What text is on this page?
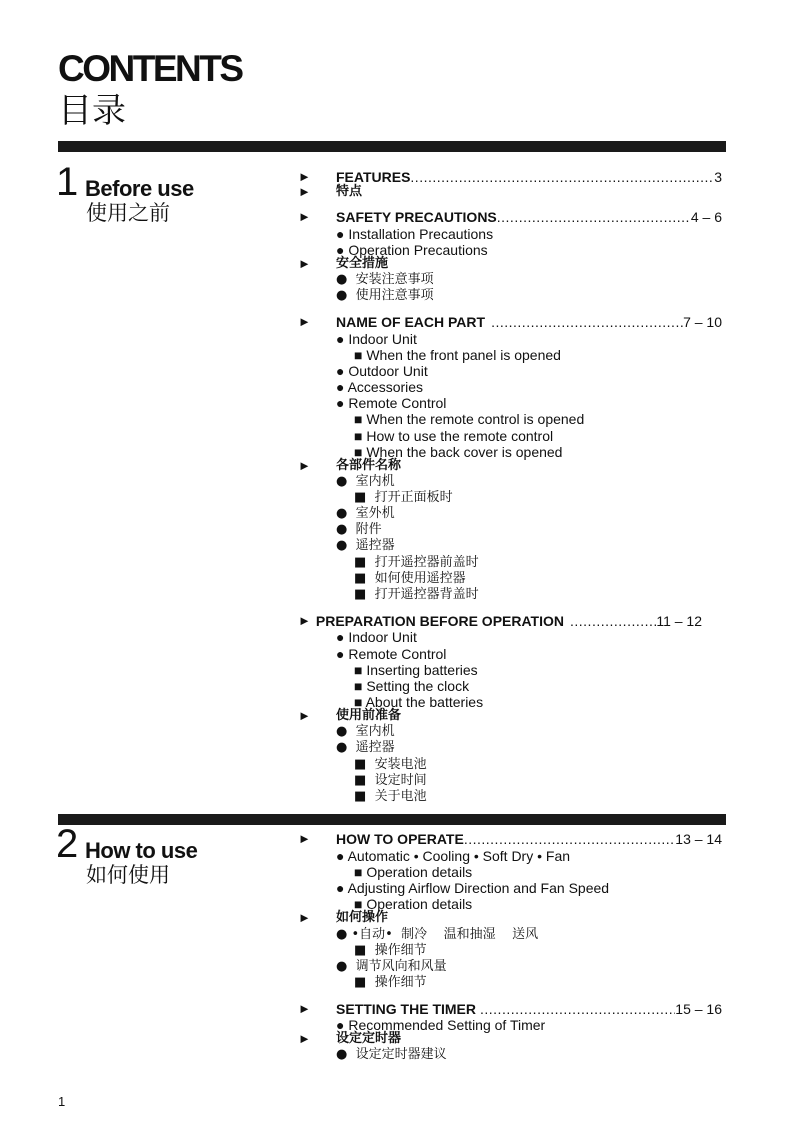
CONTENTS
目录
1 Before use
使用之前
► FEATURES .....	3
► 特点
► SAFETY PRECAUTIONS .....	4 – 6
● Installation Precautions
● Operation Precautions
► 安全措施
● 安装注意事项
● 使用注意事项
► NAME OF EACH PART .....	7 – 10
● Indoor Unit
■ When the front panel is opened
● Outdoor Unit
● Accessories
● Remote Control
■ When the remote control is opened
■ How to use the remote control
■ When the back cover is opened
► 各部件名称
● 室内机
■ 打开正面板时
● 室外机
● 附件
● 遥控器
■ 打开遥控器前盖时
■ 如何使用遥控器
■ 打开遥控器背盖时
► PREPARATION BEFORE OPERATION .....	11 – 12
● Indoor Unit
● Remote Control
■ Inserting batteries
■ Setting the clock
■ About the batteries
► 使用前准备
● 室内机
● 遥控器
■ 安装电池
■ 设定时间
■ 关于电池
2 How to use
如何使用
► HOW TO OPERATE .....	13 – 14
● Automatic • Cooling • Soft Dry • Fan
■ Operation details
● Adjusting Airflow Direction and Fan Speed
■ Operation details
► 如何操作
● •自动•  制冷    温和抽湿    送风
■ 操作细节
● 调节风向和风量
■ 操作细节
► SETTING THE TIMER .....	15 – 16
● Recommended Setting of Timer
► 设定定时器
● 设定定时器建议
1
